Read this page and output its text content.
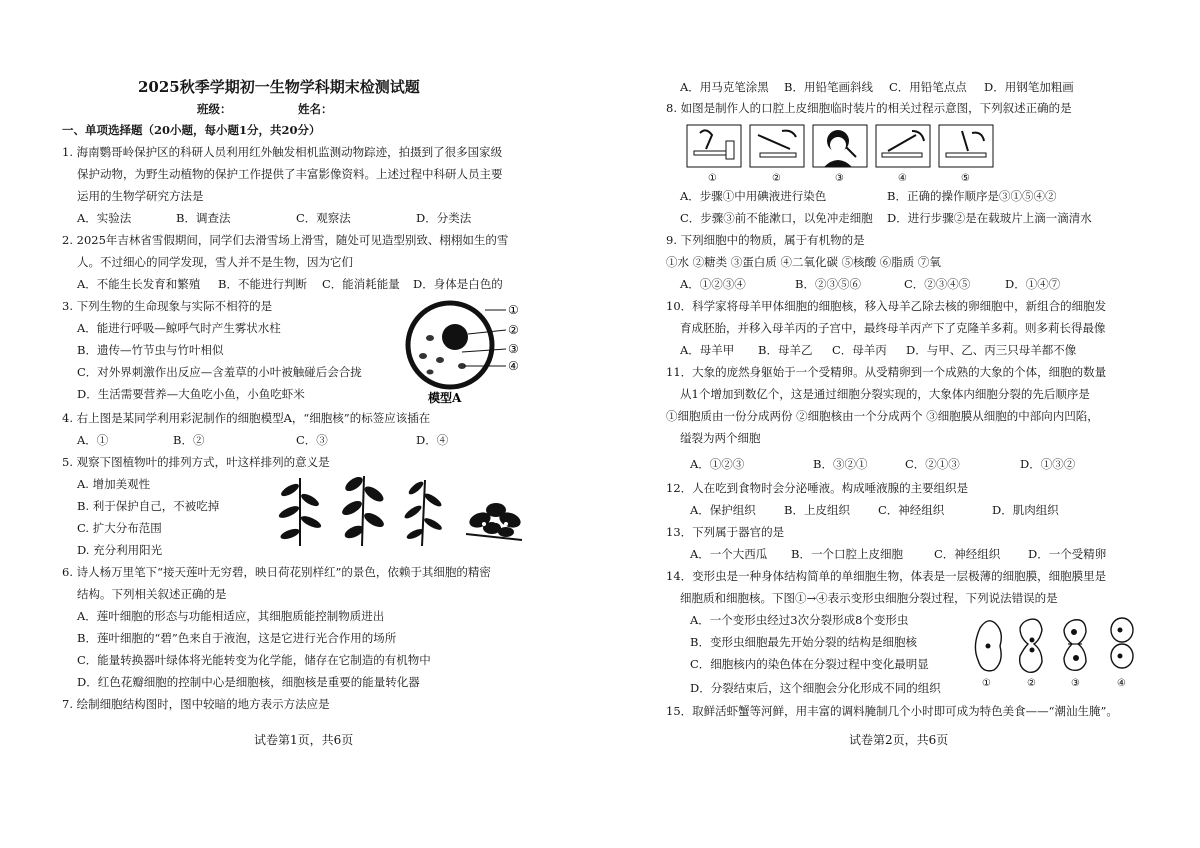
2025秋季学期初一生物学科期末检测试题
班级：	姓名：
一、单项选择题（20小题，每小题1分，共20分）
1. 海南鹦哥岭保护区的科研人员利用红外触发相机监测动物踪迹，拍摄到了很多国家级
保护动物，为野生动植物的保护工作提供了丰富影像资料。上述过程中科研人员主要
运用的生物学研究方法是
A．实验法	B．调查法	C．观察法	D．分类法
2. 2025年吉林省雪假期间，同学们去滑雪场上滑雪，随处可见造型别致、栩栩如生的雪
人。不过细心的同学发现，雪人并不是生物，因为它们
A．不能生长发育和繁殖 B．不能进行判断 C．能消耗能量 D．身体是白色的
3. 下列生物的生命现象与实际不相符的是
A．能进行呼吸—鲸呼气时产生雾状水柱
B．遗传—竹节虫与竹叶相似
C．对外界刺激作出反应—含羞草的小叶被触碰后会合拢
D．生活需要营养—大鱼吃小鱼，小鱼吃虾米
①
②
③
④
模型A
4. 右上图是某同学利用彩泥制作的细胞模型A，“细胞核”的标签应该插在
A．①	B．②	C．③	D．④
5. 观察下图植物叶的排列方式，叶这样排列的意义是
A. 增加美观性
B. 利于保护自己，不被吃掉
C. 扩大分布范围
D. 充分利用阳光
6. 诗人杨万里笔下“接天莲叶无穷碧，映日荷花别样红”的景色，依赖于其细胞的精密
结构。下列相关叙述正确的是
A．莲叶细胞的形态与功能相适应，其细胞质能控制物质进出
B．莲叶细胞的“碧”色来自于液泡，这是它进行光合作用的场所
C．能量转换器叶绿体将光能转变为化学能，储存在它制造的有机物中
D．红色花瓣细胞的控制中心是细胞核，细胞核是重要的能量转化器
7. 绘制细胞结构图时，图中较暗的地方表示方法应是
试卷第1页，共6页
A．用马克笔涂黑 B．用铅笔画斜线 C．用铅笔点点 D．用钢笔加粗画
8. 如图是制作人的口腔上皮细胞临时装片的相关过程示意图，下列叙述正确的是
①	②	③	④	⑤
A．步骤①中用碘液进行染色	B．正确的操作顺序是③①⑤④②
C．步骤③前不能漱口，以免冲走细胞 D．进行步骤②是在载玻片上滴一滴清水
9. 下列细胞中的物质，属于有机物的是
①水 ②糖类 ③蛋白质 ④二氧化碳 ⑤核酸 ⑥脂质 ⑦氧
A．①②③④	B．②③⑤⑥	C．②③④⑤	D．①④⑦
10．科学家将母羊甲体细胞的细胞核，移入母羊乙除去核的卵细胞中，新组合的细胞发
育成胚胎，并移入母羊丙的子宫中，最终母羊丙产下了克隆羊多莉。则多莉长得最像
A．母羊甲 B．母羊乙 C．母羊丙 D．与甲、乙、丙三只母羊都不像
11．大象的庞然身躯始于一个受精卵。从受精卵到一个成熟的大象的个体，细胞的数量
从1个增加到数亿个，这是通过细胞分裂实现的，大象体内细胞分裂的先后顺序是
①细胞质由一份分成两份 ②细胞核由一个分成两个 ③细胞膜从细胞的中部向内凹陷，
缢裂为两个细胞
A．①②③	B．③②①	C．②①③	D．①③②
12．人在吃到食物时会分泌唾液。构成唾液腺的主要组织是
A．保护组织 B．上皮组织 C．神经组织	D．肌肉组织
13．下列属于器官的是
A．一个大西瓜 B．一个口腔上皮细胞	C．神经组织 D．一个受精卵
14．变形虫是一种身体结构简单的单细胞生物，体表是一层极薄的细胞膜，细胞膜里是
细胞质和细胞核。下图①→④表示变形虫细胞分裂过程，下列说法错误的是
A．一个变形虫经过3次分裂形成8个变形虫
B．变形虫细胞最先开始分裂的结构是细胞核
C．细胞核内的染色体在分裂过程中变化最明显
D．分裂结束后，这个细胞会分化形成不同的组织	①	②	③	④
15．取鲜活虾蟹等河鲜，用丰富的调料腌制几个小时即可成为特色美食——“潮汕生腌”。
试卷第2页，共6页
